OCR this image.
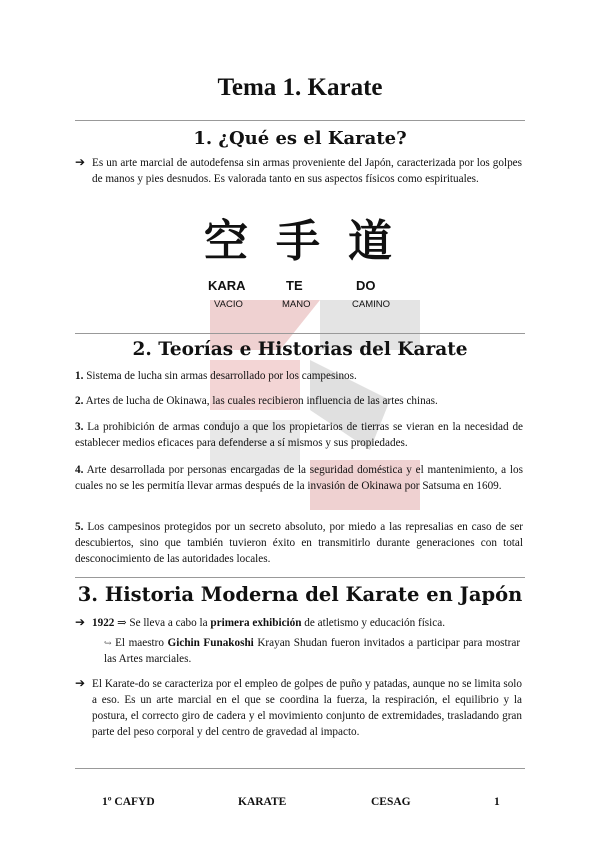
Tema 1. Karate
1. ¿Qué es el Karate?
➔ Es un arte marcial de autodefensa sin armas proveniente del Japón, caracterizada por los golpes de manos y pies desnudos. Es valorada tanto en sus aspectos físicos como espirituales.
空 手 道
KARA	TE	DO
VACIO	MANO	CAMINO
2. Teorías e Historias del Karate
1. Sistema de lucha sin armas desarrollado por los campesinos.
2. Artes de lucha de Okinawa, las cuales recibieron influencia de las artes chinas.
3. La prohibición de armas condujo a que los propietarios de tierras se vieran en la necesidad de establecer medios eficaces para defenderse a sí mismos y sus propiedades.
4. Arte desarrollada por personas encargadas de la seguridad doméstica y el mantenimiento, a los cuales no se les permitía llevar armas después de la invasión de Okinawa por Satsuma en 1609.
5. Los campesinos protegidos por un secreto absoluto, por miedo a las represalias en caso de ser descubiertos, sino que también tuvieron éxito en transmitirlo durante generaciones con total desconocimiento de las autoridades locales.
3. Historia Moderna del Karate en Japón
➔ 1922 ⇒ Se lleva a cabo la primera exhibición de atletismo y educación física.
↪ El maestro Gichin Funakoshi Krayan Shudan fueron invitados a participar para mostrar las Artes marciales.
➔ El Karate-do se caracteriza por el empleo de golpes de puño y patadas, aunque no se limita solo a eso. Es un arte marcial en el que se coordina la fuerza, la respiración, el equilibrio y la postura, el correcto giro de cadera y el movimiento conjunto de extremidades, trasladando gran parte del peso corporal y del centro de gravedad al impacto.
1º CAFYD	KARATE	CESAG	1
